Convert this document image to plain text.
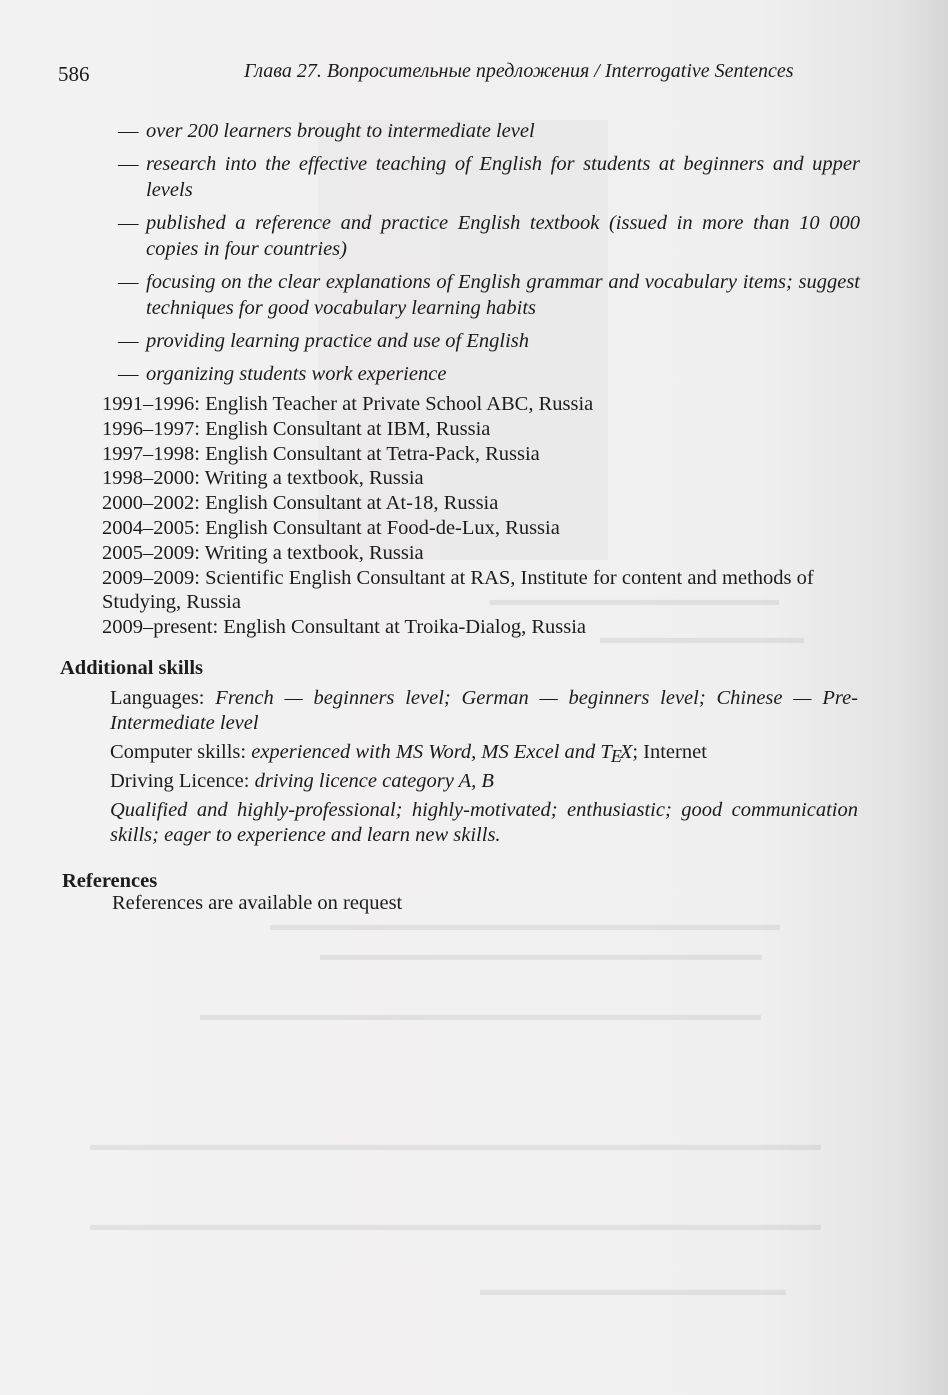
586	Глава 27. Вопросительные предложения / Interrogative Sentences
— over 200 learners brought to intermediate level
— research into the effective teaching of English for students at beginners and upper levels
— published a reference and practice English textbook (issued in more than 10 000 copies in four countries)
— focusing on the clear explanations of English grammar and vocabulary items; suggest techniques for good vocabulary learning habits
— providing learning practice and use of English
— organizing students work experience
1991–1996: English Teacher at Private School ABC, Russia
1996–1997: English Consultant at IBM, Russia
1997–1998: English Consultant at Tetra-Pack, Russia
1998–2000: Writing a textbook, Russia
2000–2002: English Consultant at At-18, Russia
2004–2005: English Consultant at Food-de-Lux, Russia
2005–2009: Writing a textbook, Russia
2009–2009: Scientific English Consultant at RAS, Institute for content and methods of Studying, Russia
2009–present: English Consultant at Troika-Dialog, Russia
Additional skills
Languages: French — beginners level; German — beginners level; Chinese — Pre-Intermediate level
Computer skills: experienced with MS Word, MS Excel and TEX; Internet
Driving Licence: driving licence category A, B
Qualified and highly-professional; highly-motivated; enthusiastic; good communication skills; eager to experience and learn new skills.
References
References are available on request
▬▬▬▬▬▬▬▬▬▬▬▬▬▬▬▬▬
▬▬▬▬▬▬▬▬▬▬▬▬
▬▬▬▬▬▬▬▬▬▬▬▬▬▬▬▬▬▬▬▬▬▬▬▬▬▬▬▬▬▬
▬▬▬▬▬▬▬▬▬▬▬▬▬▬▬▬▬▬▬▬▬▬▬▬▬▬
▬▬▬▬▬▬▬▬▬▬▬▬▬▬▬▬▬▬▬▬▬▬▬▬▬▬▬▬▬▬▬▬▬
▬▬▬▬▬▬▬▬▬▬▬▬▬▬▬▬▬▬▬▬▬▬▬▬▬▬▬▬▬▬▬▬▬▬▬▬▬▬▬▬▬▬▬
▬▬▬▬▬▬▬▬▬▬▬▬▬▬▬▬▬▬▬▬▬▬▬▬▬▬▬▬▬▬▬▬▬▬▬▬▬▬▬▬▬▬▬
▬▬▬▬▬▬▬▬▬▬▬▬▬▬▬▬▬▬
